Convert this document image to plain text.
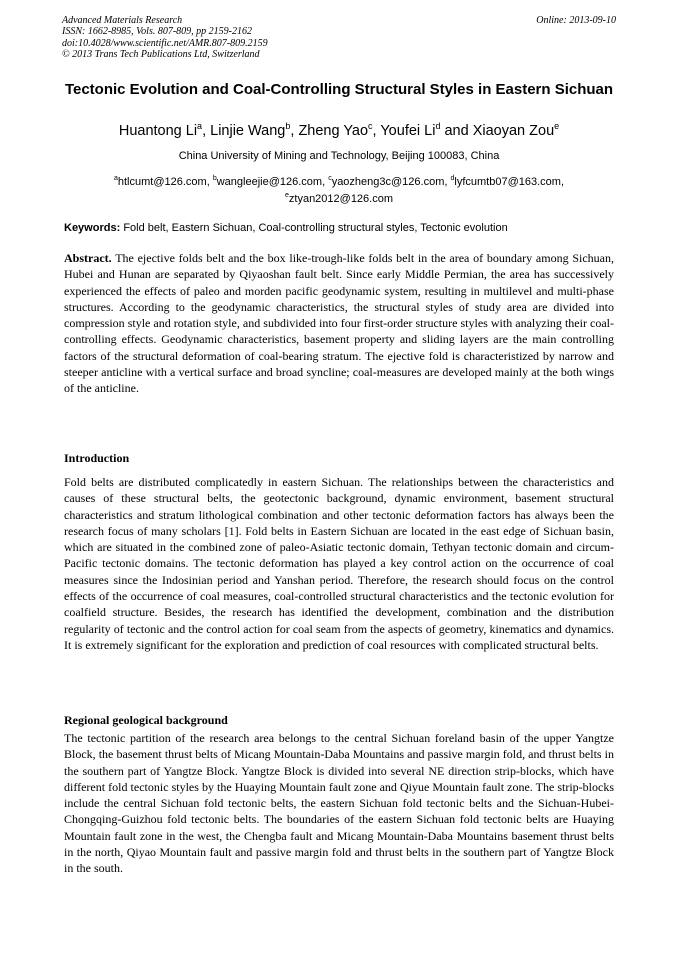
Advanced Materials Research
ISSN: 1662-8985, Vols. 807-809, pp 2159-2162
doi:10.4028/www.scientific.net/AMR.807-809.2159
© 2013 Trans Tech Publications Ltd, Switzerland
Online: 2013-09-10
Tectonic Evolution and Coal-Controlling Structural Styles in Eastern Sichuan
Huantong Li$^a$, Linjie Wang$^b$, Zheng Yao$^c$, Youfei Li$^d$ and Xiaoyan Zou$^e$
China University of Mining and Technology, Beijing 100083, China
$^a$htlcumt@126.com, $^b$wangleejie@126.com, $^c$yaozheng3c@126.com, $^d$lyfcumtb07@163.com,
$^e$ztyan2012@126.com
Keywords: Fold belt, Eastern Sichuan, Coal-controlling structural styles, Tectonic evolution
Abstract. The ejective folds belt and the box like-trough-like folds belt in the area of boundary among Sichuan, Hubei and Hunan are separated by Qiyaoshan fault belt. Since early Middle Permian, the area has successively experienced the effects of paleo and morden pacific geodynamic system, resulting in multilevel and multi-phase structures. According to the geodynamic characteristics, the structural styles of study area are divided into compression style and rotation style, and subdivided into four first-order structure styles with analyzing their coal-controlling effects. Geodynamic characteristics, basement property and sliding layers are the main controlling factors of the structural deformation of coal-bearing stratum. The ejective fold is characteristized by narrow and steeper anticline with a vertical surface and broad syncline; coal-measures are developed mainly at the both wings of the anticline.
Introduction
Fold belts are distributed complicatedly in eastern Sichuan. The relationships between the characteristics and causes of these structural belts, the geotectonic background, dynamic environment, basement structural characteristics and stratum lithological combination and other tectonic deformation factors has always been the research focus of many scholars [1]. Fold belts in Eastern Sichuan are located in the east edge of Sichuan basin, which are situated in the combined zone of paleo-Asiatic tectonic domain, Tethyan tectonic domain and circum-Pacific tectonic domains. The tectonic deformation has played a key control action on the occurrence of coal measures since the Indosinian period and Yanshan period. Therefore, the research should focus on the control effects of the occurrence of coal measures, coal-controlled structural characteristics and the tectonic evolution for coalfield structure. Besides, the research has identified the development, combination and the distribution regularity of tectonic and the control action for coal seam from the aspects of geometry, kinematics and dynamics. It is extremely significant for the exploration and prediction of coal resources with complicated structural belts.
Regional geological background
The tectonic partition of the research area belongs to the central Sichuan foreland basin of the upper Yangtze Block, the basement thrust belts of Micang Mountain-Daba Mountains and passive margin fold, and thrust belts in the southern part of Yangtze Block. Yangtze Block is divided into several NE direction strip-blocks, which have different fold tectonic styles by the Huaying Mountain fault zone and Qiyue Mountain fault zone. The strip-blocks include the central Sichuan fold tectonic belts, the eastern Sichuan fold tectonic belts and the Sichuan-Hubei-Chongqing-Guizhou fold tectonic belts. The boundaries of the eastern Sichuan fold tectonic belts are Huaying Mountain fault zone in the west, the Chengba fault and Micang Mountain-Daba Mountains basement thrust belts in the north, Qiyao Mountain fault and passive margin fold and thrust belts in the southern part of Yangtze Block in the south.
